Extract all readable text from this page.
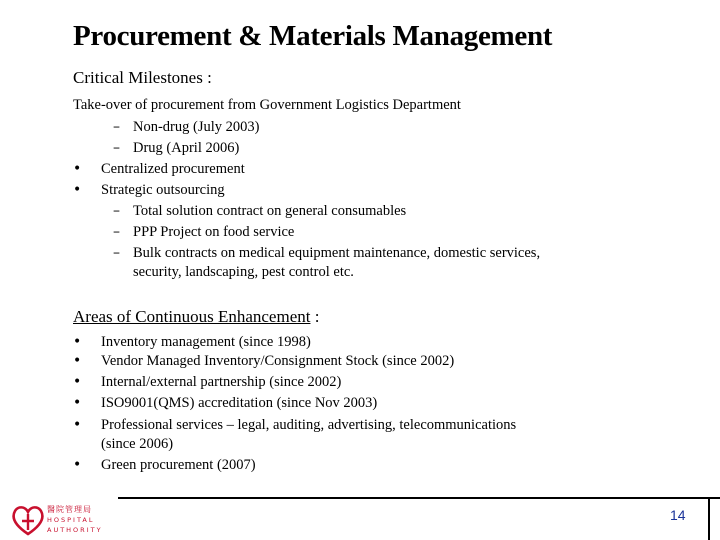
Procurement & Materials Management
Critical Milestones :
Take-over of procurement from Government Logistics Department
– Non-drug (July 2003)
– Drug (April 2006)
• Centralized procurement
• Strategic outsourcing
– Total solution contract on general consumables
– PPP Project on food service
– Bulk contracts on medical equipment maintenance, domestic services,
security, landscaping, pest control etc.
Areas of Continuous Enhancement :
• Inventory management (since 1998)
• Vendor Managed Inventory/Consignment Stock (since 2002)
• Internal/external partnership (since 2002)
• ISO9001(QMS) accreditation (since Nov 2003)
• Professional services – legal, auditing, advertising, telecommunications
(since 2006)
• Green procurement (2007)
14
醫院管理局
HOSPITAL
AUTHORITY
